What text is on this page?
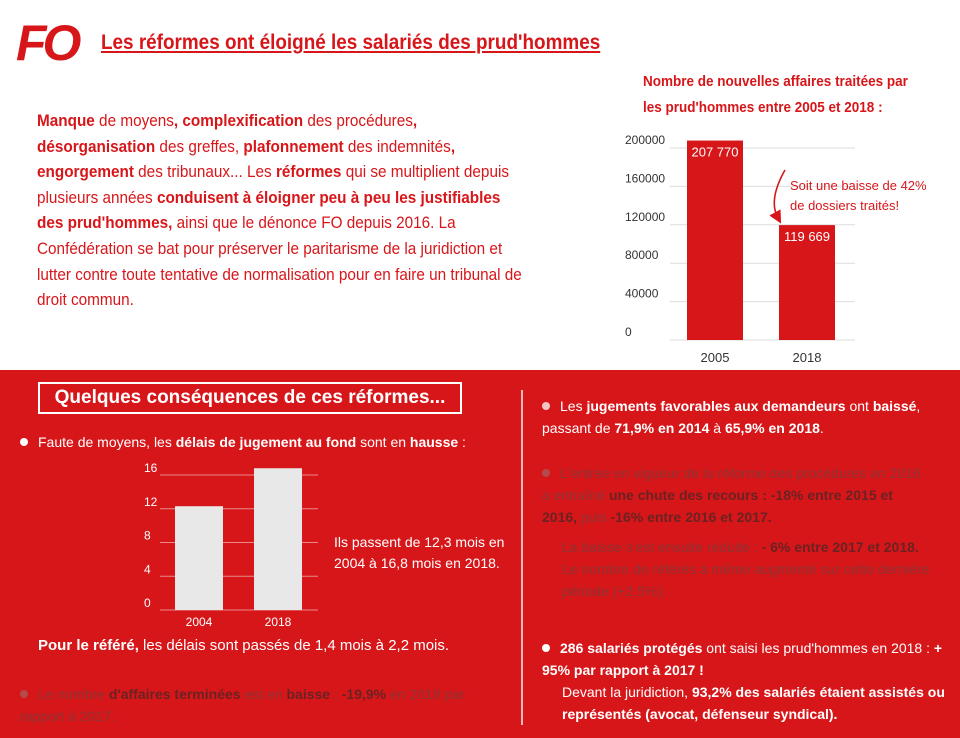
FO Les réformes ont éloigné les salariés des prud'hommes
Manque de moyens, complexification des procédures, désorganisation des greffes, plafonnement des indemnités, engorgement des tribunaux... Les réformes qui se multiplient depuis plusieurs années conduisent à éloigner peu à peu les justifiables des prud'hommes, ainsi que le dénonce FO depuis 2016. La Confédération se bat pour préserver le paritarisme de la juridiction et lutter contre toute tentative de normalisation pour en faire un tribunal de droit commun.
Nombre de nouvelles affaires traitées par les prud'hommes entre 2005 et 2018 :
0
40000
80000
120000
160000
200000
207 770
2005
119 669
2018
Soit une baisse de 42%
de dossiers traités!
Quelques conséquences de ces réformes...
Faute de moyens, les délais de jugement au fond sont en hausse :
0
4
8
12
16
2004	2018
Ils passent de 12,3 mois en 2004 à 16,8 mois en 2018.
Pour le référé, les délais sont passés de 1,4 mois à 2,2 mois.
Le nombre d'affaires terminées est en baisse : -19,9% en 2018 par rapport à 2017.
Les jugements favorables aux demandeurs ont baissé, passant de 71,9% en 2014 à 65,9% en 2018.
L'entrée en vigueur de la réforme des procédures en 2016 a entraîné une chute des recours : -18% entre 2015 et 2016, puis -16% entre 2016 et 2017.
La baisse s'est ensuite réduite : - 6% entre 2017 et 2018. Le nombre de référés a même augmenté sur cette dernière période (+2,5%).
286 salariés protégés ont saisi les prud'hommes en 2018 : + 95% par rapport à 2017 !
Devant la juridiction, 93,2% des salariés étaient assistés ou représentés (avocat, défenseur syndical).
